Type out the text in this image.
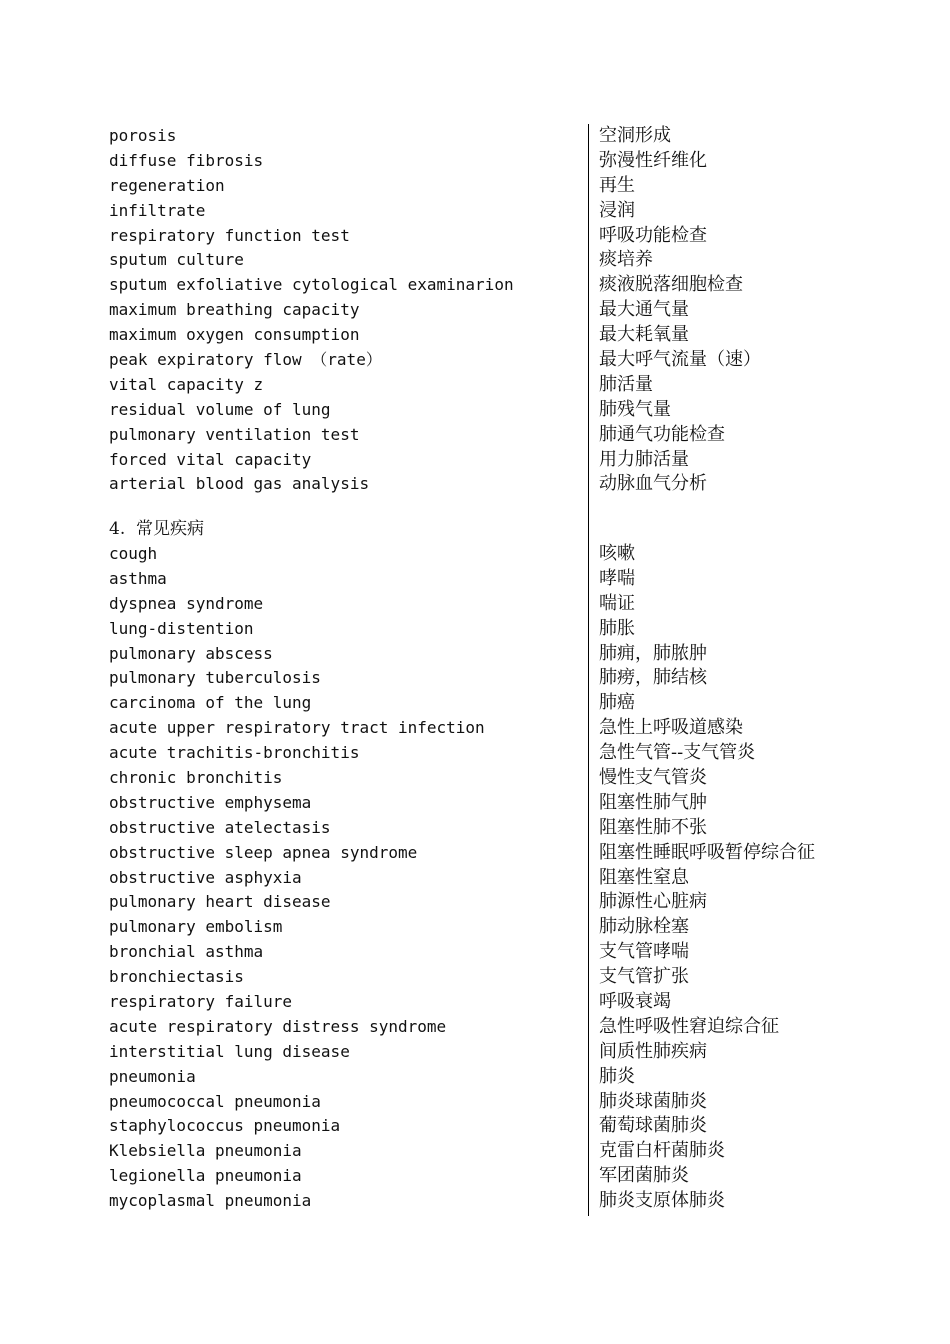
porosis	空洞形成
diffuse fibrosis	弥漫性纤维化
regeneration	再生
infiltrate	浸润
respiratory function test	呼吸功能检查
sputum culture	痰培养
sputum exfoliative cytological examinarion	痰液脱落细胞检查
maximum breathing capacity	最大通气量
maximum oxygen consumption	最大耗氧量
peak expiratory flow （rate）	最大呼气流量（速）
vital capacity z	肺活量
residual volume of lung	肺残气量
pulmonary ventilation test	肺通气功能检查
forced vital capacity	用力肺活量
arterial blood gas analysis	动脉血气分析
4.  常见疾病
cough	咳嗽
asthma	哮喘
dyspnea syndrome	喘证
lung-distention	肺胀
pulmonary abscess	肺痈，肺脓肿
pulmonary tuberculosis	肺痨，肺结核
carcinoma of the lung	肺癌
acute upper respiratory tract infection	急性上呼吸道感染
acute trachitis-bronchitis	急性气管--支气管炎
chronic bronchitis	慢性支气管炎
obstructive emphysema	阻塞性肺气肿
obstructive atelectasis	阻塞性肺不张
obstructive sleep apnea syndrome	阻塞性睡眠呼吸暂停综合征
obstructive asphyxia	阻塞性窒息
pulmonary heart disease	肺源性心脏病
pulmonary embolism	肺动脉栓塞
bronchial asthma	支气管哮喘
bronchiectasis	支气管扩张
respiratory failure	呼吸衰竭
acute respiratory distress syndrome	急性呼吸性窘迫综合征
interstitial lung disease	间质性肺疾病
pneumonia	肺炎
pneumococcal pneumonia	肺炎球菌肺炎
staphylococcus pneumonia	葡萄球菌肺炎
Klebsiella pneumonia	克雷白杆菌肺炎
legionella pneumonia	军团菌肺炎
mycoplasmal pneumonia	肺炎支原体肺炎
